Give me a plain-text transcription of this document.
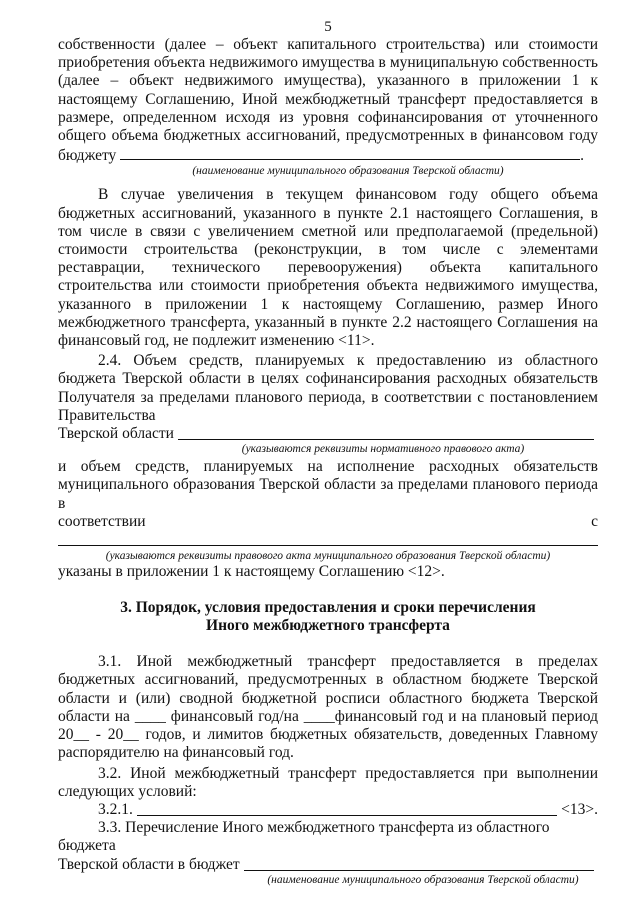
5

собственности (далее – объект капитального строительства) или стоимости приобретения объекта недвижимого имущества в муниципальную собственность (далее – объект недвижимого имущества), указанного в приложении 1 к настоящему Соглашению, Иной межбюджетный трансферт предоставляется в размере, определенном исходя из уровня софинансирования от уточненного общего объема бюджетных ассигнований, предусмотренных в финансовом году бюджету	.

(наименование муниципального образования Тверской области)

В случае увеличения в текущем финансовом году общего объема бюджетных ассигнований, указанного в пункте 2.1 настоящего Соглашения, в том числе в связи с увеличением сметной или предполагаемой (предельной) стоимости строительства (реконструкции, в том числе с элементами реставрации, технического перевооружения) объекта капитального строительства или стоимости приобретения объекта недвижимого имущества, указанного в приложении 1 к настоящему Соглашению, размер Иного межбюджетного трансферта, указанный в пункте 2.2 настоящего Соглашения на финансовый год, не подлежит изменению <11>.

2.4. Объем средств, планируемых к предоставлению из областного бюджета Тверской области в целях софинансирования расходных обязательств Получателя за пределами планового периода, в соответствии с постановлением Правительства

Тверской области
(указываются реквизиты нормативного правового акта)

и объем средств, планируемых на исполнение расходных обязательств муниципального образования Тверской области за пределами планового периода в

соответствии	с
(указываются реквизиты правового акта муниципального образования Тверской области)

указаны в приложении 1 к настоящему Соглашению <12>.

3. Порядок, условия предоставления и сроки перечисления
Иного межбюджетного трансферта

3.1. Иной межбюджетный трансферт предоставляется в пределах бюджетных ассигнований, предусмотренных в областном бюджете Тверской области и (или) сводной бюджетной росписи областного бюджета Тверской области на ____ финансовый год/на ____финансовый год и на плановый период 20__ - 20__ годов, и лимитов бюджетных обязательств, доведенных Главному распорядителю на финансовый год.

3.2. Иной межбюджетный трансферт предоставляется при выполнении следующих условий:

3.2.1.	<13>.

3.3. Перечисление Иного межбюджетного трансферта из областного бюджета

Тверской области в бюджет
(наименование муниципального образования Тверской области)
